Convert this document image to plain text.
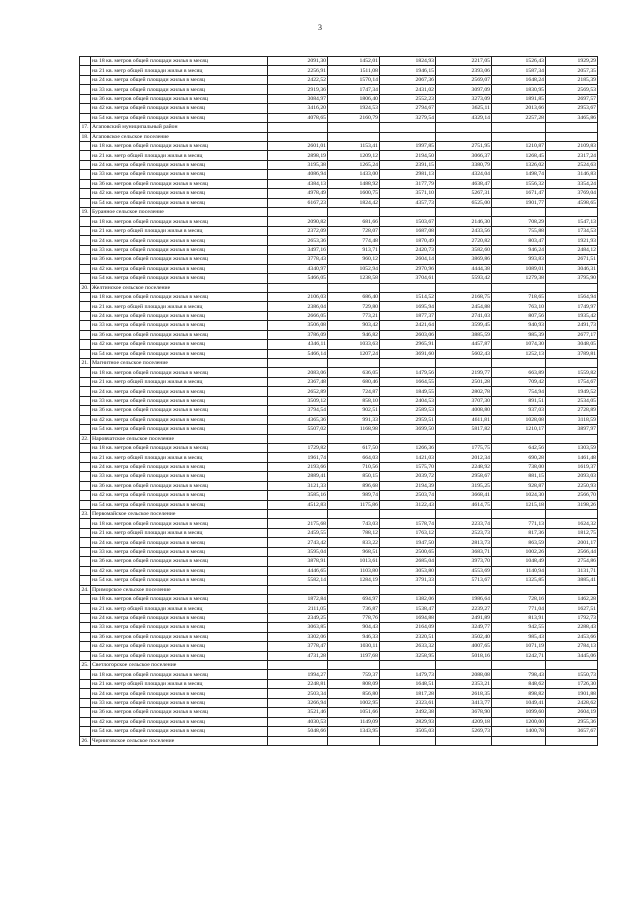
3
	на 18 кв. метров общей площади жилья в месяц	2091,30	1452,01	1824,93	2217,05	1526,43	1929,29
	на 21 кв. метр общей площади жилья в месяц	2256,91	1511,08	1946,15	2393,06	1587,34	2057,35
	на 24 кв. метра общей площади жилья в месяц	2422,52	1570,14	2067,36	2569,07	1648,24	2185,39
	на 33 кв. метра общей площади жилья в месяц	2919,36	1747,34	2431,02	3097,09	1830,95	2569,53
	на 36 кв. метров общей площади жилья в месяц	3084,97	1806,40	2552,23	3273,09	1891,85	2697,57
	на 42 кв. метра общей площади жилья в месяц	3416,20	1924,53	2794,67	3625,11	2013,66	2953,67
	на 54 кв. метра общей площади жилья в месяц	4078,65	2160,79	3279,54	4329,14	2257,28	3465,86
17.	Агаповский муниципальный район						
18.	Агаповское сельское поселение						
	на 18 кв. метров общей площади жилья в месяц	2601,01	1153,41	1997,85	2751,95	1210,87	2109,83
	на 21 кв. метр общей площади жилья в месяц	2898,19	1209,12	2194,50	3066,37	1268,45	2317,24
	на 24 кв. метра общей площади жилья в месяц	3195,38	1265,24	2391,15	3380,79	1326,02	2524,63
	на 33 кв. метра общей площади жилья в месяц	4086,94	1433,00	2981,13	4324,04	1498,74	3146,83
	на 36 кв. метров общей площади жилья в месяц	4384,13	1488,92	3177,79	4638,47	1556,32	3354,24
	на 42 кв. метра общей площади жилья в месяц	4978,49	1600,75	3571,10	5267,31	1671,47	3769,04
	на 54 кв. метра общей площади жилья в месяц	6167,23	1824,42	4357,73	6525,00	1901,77	4598,65
19.	Буранное сельское поселение						
	на 18 кв. метров общей площади жилья в месяц	2090,82	681,66	1503,67	2146,30	708,29	1547,13
	на 21 кв. метр общей площади жилья в месяц	2372,09	728,07	1687,08	2433,56	755,88	1734,53
	на 24 кв. метра общей площади жилья в месяц	2653,36	774,48	1870,49	2720,82	803,47	1921,93
	на 33 кв. метра общей площади жилья в месяц	3497,16	913,71	2420,73	3582,60	946,24	2484,12
	на 36 кв. метров общей площади жилья в месяц	3778,43	960,12	2604,14	3869,86	993,83	2671,51
	на 42 кв. метра общей площади жилья в месяц	4340,97	1052,94	2970,96	4444,38	1089,01	3046,31
	на 54 кв. метра общей площади жилья в месяц	5466,05	1238,58	3704,61	5593,42	1279,38	3795,90
20.	Желтинское сельское поселение						
	на 18 кв. метров общей площади жилья в месяц	2106,03	686,40	1514,52	2168,75	718,65	1564,94
	на 21 кв. метр общей площади жилья в месяц	2386,04	729,80	1695,94	2454,88	763,10	1749,97
	на 24 кв. метра общей площади жилья в месяц	2666,05	773,21	1877,37	2741,03	807,56	1935,42
	на 33 кв. метра общей площади жилья в месяц	3506,08	903,42	2421,64	3599,45	940,93	2491,73
	на 36 кв. метров общей площади жилья в месяц	3786,09	946,82	2603,06	3885,59	985,39	2677,17
	на 42 кв. метра общей площади жилья в месяц	4346,11	1033,63	2965,91	4457,87	1074,30	3048,05
	на 54 кв. метра общей площади жилья в месяц	5466,14	1207,24	3691,60	5602,43	1252,13	3789,81
21.	Магнитное сельское поселение						
	на 18 кв. метров общей площади жилья в месяц	2083,06	636,05	1479,56	2199,77	663,89	1559,82
	на 21 кв. метр общей площади жилья в месяц	2367,48	680,46	1664,55	2501,28	709,42	1754,67
	на 24 кв. метра общей площади жилья в месяц	2652,89	724,87	1849,55	2802,78	754,94	1949,52
	на 33 кв. метра общей площади жилья в месяц	3509,12	858,10	2404,53	3707,30	891,51	2534,05
	на 36 кв. метров общей площади жилья в месяц	3794,54	902,51	2589,53	4008,80	937,03	2728,89
	на 42 кв. метра общей площади жилья в месяц	4365,36	991,33	2959,51	4611,81	1028,08	3118,59
	на 54 кв. метра общей площади жилья в месяц	5507,02	1168,98	3699,50	5817,82	1210,17	3897,97
22.	Наровчатское сельское поселение						
	на 18 кв. метров общей площади жилья в месяц	1729,82	617,50	1266,36	1775,75	642,56	1303,59
	на 21 кв. метр общей площади жилья в месяц	1961,74	664,03	1421,03	2012,34	690,28	1461,48
	на 24 кв. метра общей площади жилья в месяц	2193,66	710,56	1575,70	2248,92	738,00	1619,37
	на 33 кв. метра общей площади жилья в месяц	2889,41	850,15	2039,72	2958,67	881,15	2093,03
	на 36 кв. метров общей площади жилья в месяц	3121,33	896,68	2194,39	3195,25	928,87	2250,93
	на 42 кв. метра общей площади жилья в месяц	3585,16	989,74	2503,74	3668,41	1024,30	2566,70
	на 54 кв. метра общей площади жилья в месяц	4512,83	1175,86	3122,43	4614,75	1215,18	3198,26
23.	Первомайское сельское поселение						
	на 18 кв. метров общей площади жилья в месяц	2175,68	743,03	1578,74	2233,74	771,13	1624,32
	на 21 кв. метр общей площади жилья в месяц	2459,55	788,12	1763,12	2523,73	817,36	1812,75
	на 24 кв. метра общей площади жилья в месяц	2743,42	833,22	1947,50	2813,73	863,59	2001,17
	на 33 кв. метра общей площади жилья в месяц	3595,04	968,51	2500,65	3683,71	1002,26	2566,44
	на 36 кв. метров общей площади жилья в месяц	3878,91	1013,61	2685,04	3973,70	1048,49	2754,86
	на 42 кв. метра общей площади жилья в месяц	4446,65	1103,80	3053,80	4553,69	1140,94	3131,71
	на 54 кв. метра общей площади жилья в месяц	5582,14	1284,19	3791,33	5713,67	1325,85	3885,41
24.	Приморское сельское поселение						
	на 18 кв. метров общей площади жилья в месяц	1872,84	694,97	1382,06	1986,64	728,16	1462,28
	на 21 кв. метр общей площади жилья в месяц	2111,05	736,87	1538,47	2239,27	771,04	1627,51
	на 24 кв. метра общей площади жилья в месяц	2349,25	778,76	1694,88	2491,89	813,91	1792,73
	на 33 кв. метра общей площади жилья в месяц	3063,85	904,43	2164,09	3249,77	942,55	2288,43
	на 36 кв. метров общей площади жилья в месяц	3302,06	946,33	2320,51	3502,40	985,43	2453,66
	на 42 кв. метра общей площади жилья в месяц	3778,47	1030,11	2633,32	4007,65	1071,19	2784,13
	на 54 кв. метра общей площади жилья в месяц	4731,28	1197,68	3258,95	5018,16	1242,71	3445,06
25.	Светлогорское сельское поселение						
	на 18 кв. метров общей площади жилья в месяц	1994,27	759,37	1479,73	2088,08	798,43	1550,73
	на 21 кв. метр общей площади жилья в месяц	2248,81	808,09	1648,51	2353,21	848,62	1726,30
	на 24 кв. метра общей площади жилья в месяц	2503,34	856,80	1817,28	2618,35	898,82	1901,88
	на 33 кв. метра общей площади жилья в месяц	3266,94	1002,95	2323,61	3413,77	1049,41	2428,62
	на 36 кв. метров общей площади жилья в месяц	3521,46	1051,66	2492,38	3678,90	1099,60	2604,19
	на 42 кв. метра общей площади жилья в месяц	4030,53	1149,09	2829,93	4209,18	1200,00	2955,36
	на 54 кв. метра общей площади жилья в месяц	5048,66	1343,95	3505,03	5269,73	1400,78	3657,67
26.	Черниговское сельское поселение						
